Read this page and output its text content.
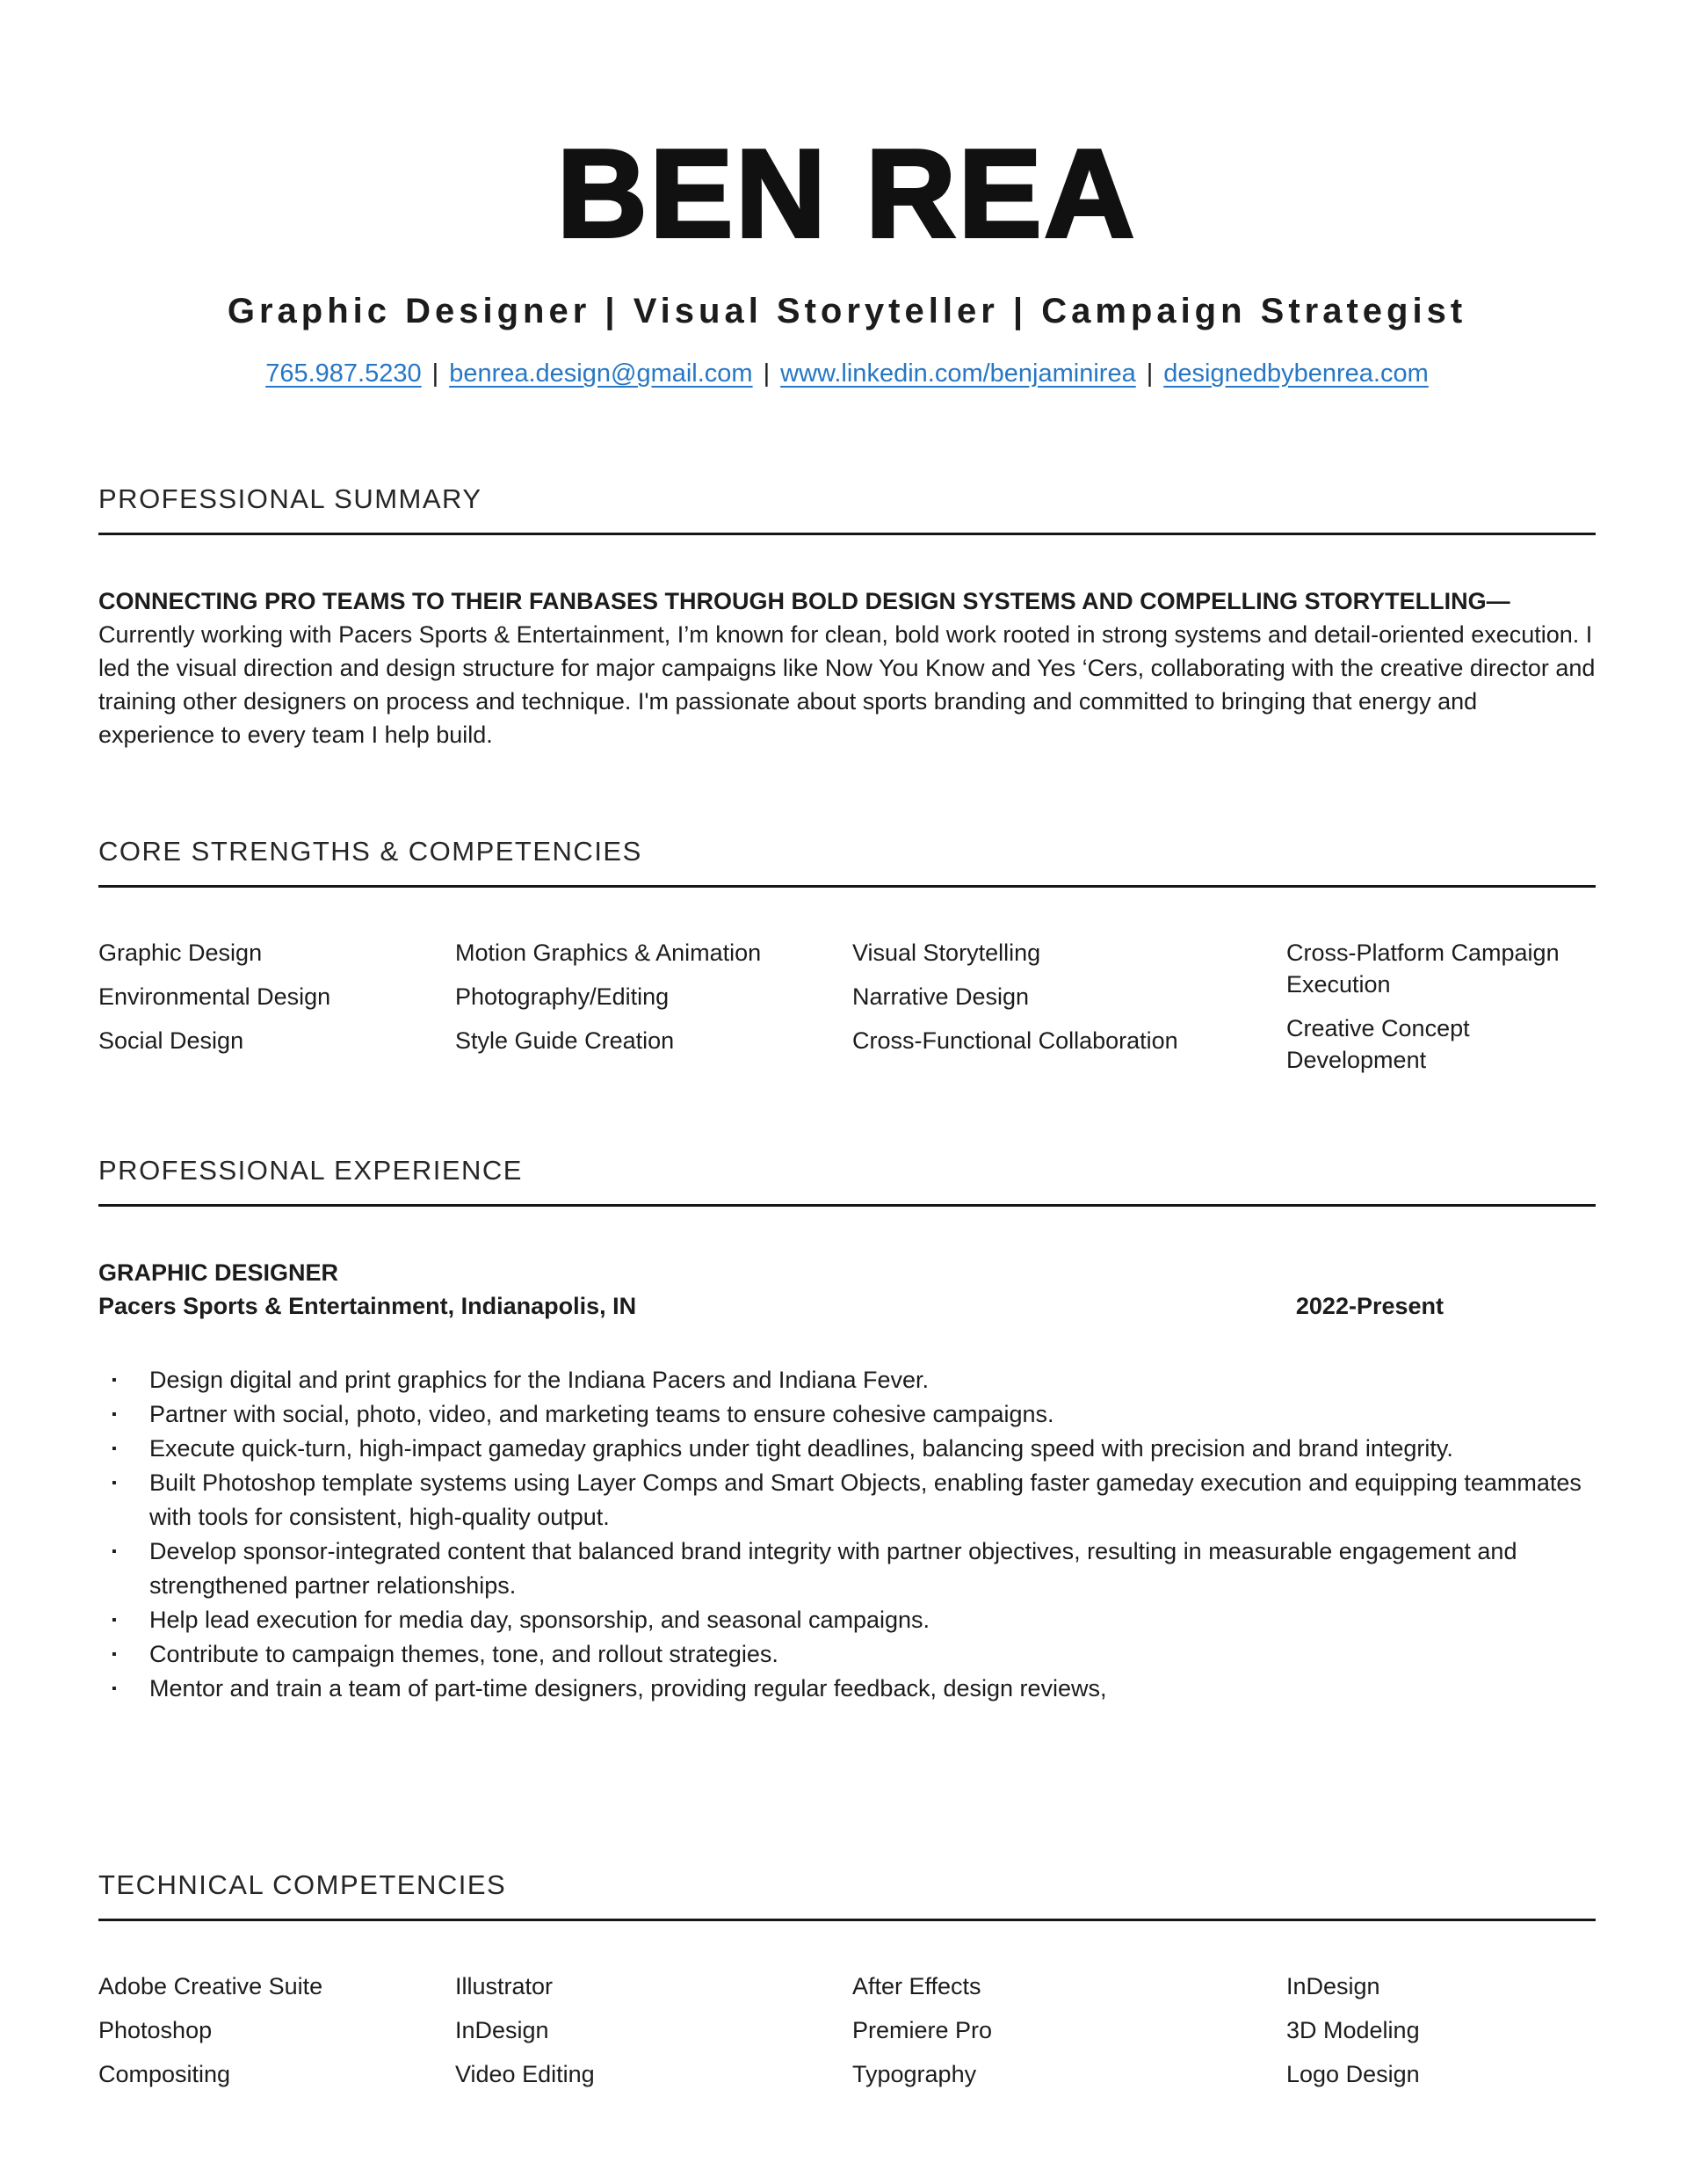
BEN REA

Graphic Designer | Visual Storyteller | Campaign Strategist

765.987.5230 | benrea.design@gmail.com | www.linkedin.com/benjaminirea | designedbybenrea.com

PROFESSIONAL SUMMARY

CONNECTING PRO TEAMS TO THEIR FANBASES THROUGH BOLD DESIGN SYSTEMS AND COMPELLING STORYTELLING—Currently working with Pacers Sports & Entertainment, I’m known for clean, bold work rooted in strong systems and detail-oriented execution. I led the visual direction and design structure for major campaigns like Now You Know and Yes ‘Cers, collaborating with the creative director and training other designers on process and technique. I'm passionate about sports branding and committed to bringing that energy and experience to every team I help build.

CORE STRENGTHS & COMPETENCIES

Graphic Design

Environmental Design

Social Design

Motion Graphics & Animation

Photography/Editing

Style Guide Creation

Visual Storytelling

Narrative Design

Cross-Functional Collaboration

Cross-Platform Campaign Execution

Creative Concept Development

PROFESSIONAL EXPERIENCE

GRAPHIC DESIGNER

Pacers Sports & Entertainment, Indianapolis, IN	2022-Present

▪ Design digital and print graphics for the Indiana Pacers and Indiana Fever.
▪ Partner with social, photo, video, and marketing teams to ensure cohesive campaigns.
▪ Execute quick-turn, high-impact gameday graphics under tight deadlines, balancing speed with precision and brand integrity.
▪ Built Photoshop template systems using Layer Comps and Smart Objects, enabling faster gameday execution and equipping teammates with tools for consistent, high-quality output.
▪ Develop sponsor-integrated content that balanced brand integrity with partner objectives, resulting in measurable engagement and strengthened partner relationships.
▪ Help lead execution for media day, sponsorship, and seasonal campaigns.
▪ Contribute to campaign themes, tone, and rollout strategies.
▪ Mentor and train a team of part-time designers, providing regular feedback, design reviews,
TECHNICAL COMPETENCIES

Adobe Creative Suite

Photoshop

Compositing

Illustrator

InDesign

Video Editing

After Effects

Premiere Pro

Typography

InDesign

3D Modeling

Logo Design
